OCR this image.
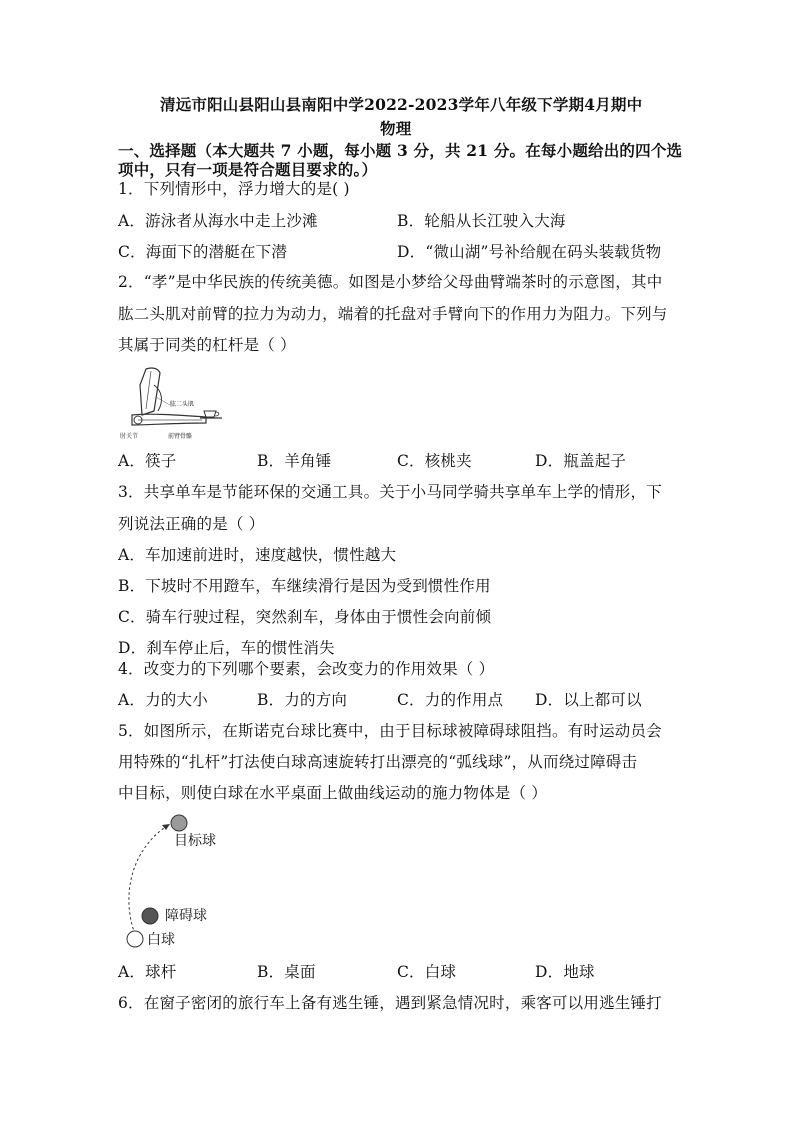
清远市阳山县阳山县南阳中学2022-2023学年八年级下学期4月期中
物理
一、选择题（本大题共 7 小题，每小题 3 分，共 21 分。在每小题给出的四个选
项中，只有一项是符合题目要求的。）
1．下列情形中，浮力增大的是( )
A．游泳者从海水中走上沙滩	B．轮船从长江驶入大海
C．海面下的潜艇在下潜	D．“微山湖”号补给舰在码头装载货物
2．“孝”是中华民族的传统美德。如图是小梦给父母曲臂端茶时的示意图，其中
肱二头肌对前臂的拉力为动力，端着的托盘对手臂向下的作用力为阻力。下列与
其属于同类的杠杆是（ ）
肱二头肌
肘关节	前臂骨骼
A．筷子	B．羊角锤	C．核桃夹	D．瓶盖起子
3．共享单车是节能环保的交通工具。关于小马同学骑共享单车上学的情形，下
列说法正确的是（ ）
A．车加速前进时，速度越快，惯性越大
B．下坡时不用蹬车，车继续滑行是因为受到惯性作用
C．骑车行驶过程，突然刹车，身体由于惯性会向前倾
D．刹车停止后，车的惯性消失
4．改变力的下列哪个要素，会改变力的作用效果（ ）
A．力的大小	B．力的方向	C．力的作用点 D．以上都可以
5．如图所示，在斯诺克台球比赛中，由于目标球被障碍球阻挡。有时运动员会
用特殊的“扎杆”打法使白球高速旋转打出漂亮的“弧线球”，从而绕过障碍击
中目标，则使白球在水平桌面上做曲线运动的施力物体是（ ）
目标球
障碍球
白球
A．球杆	B．桌面	C．白球	D．地球
6．在窗子密闭的旅行车上备有逃生锤，遇到紧急情况时，乘客可以用逃生锤打
